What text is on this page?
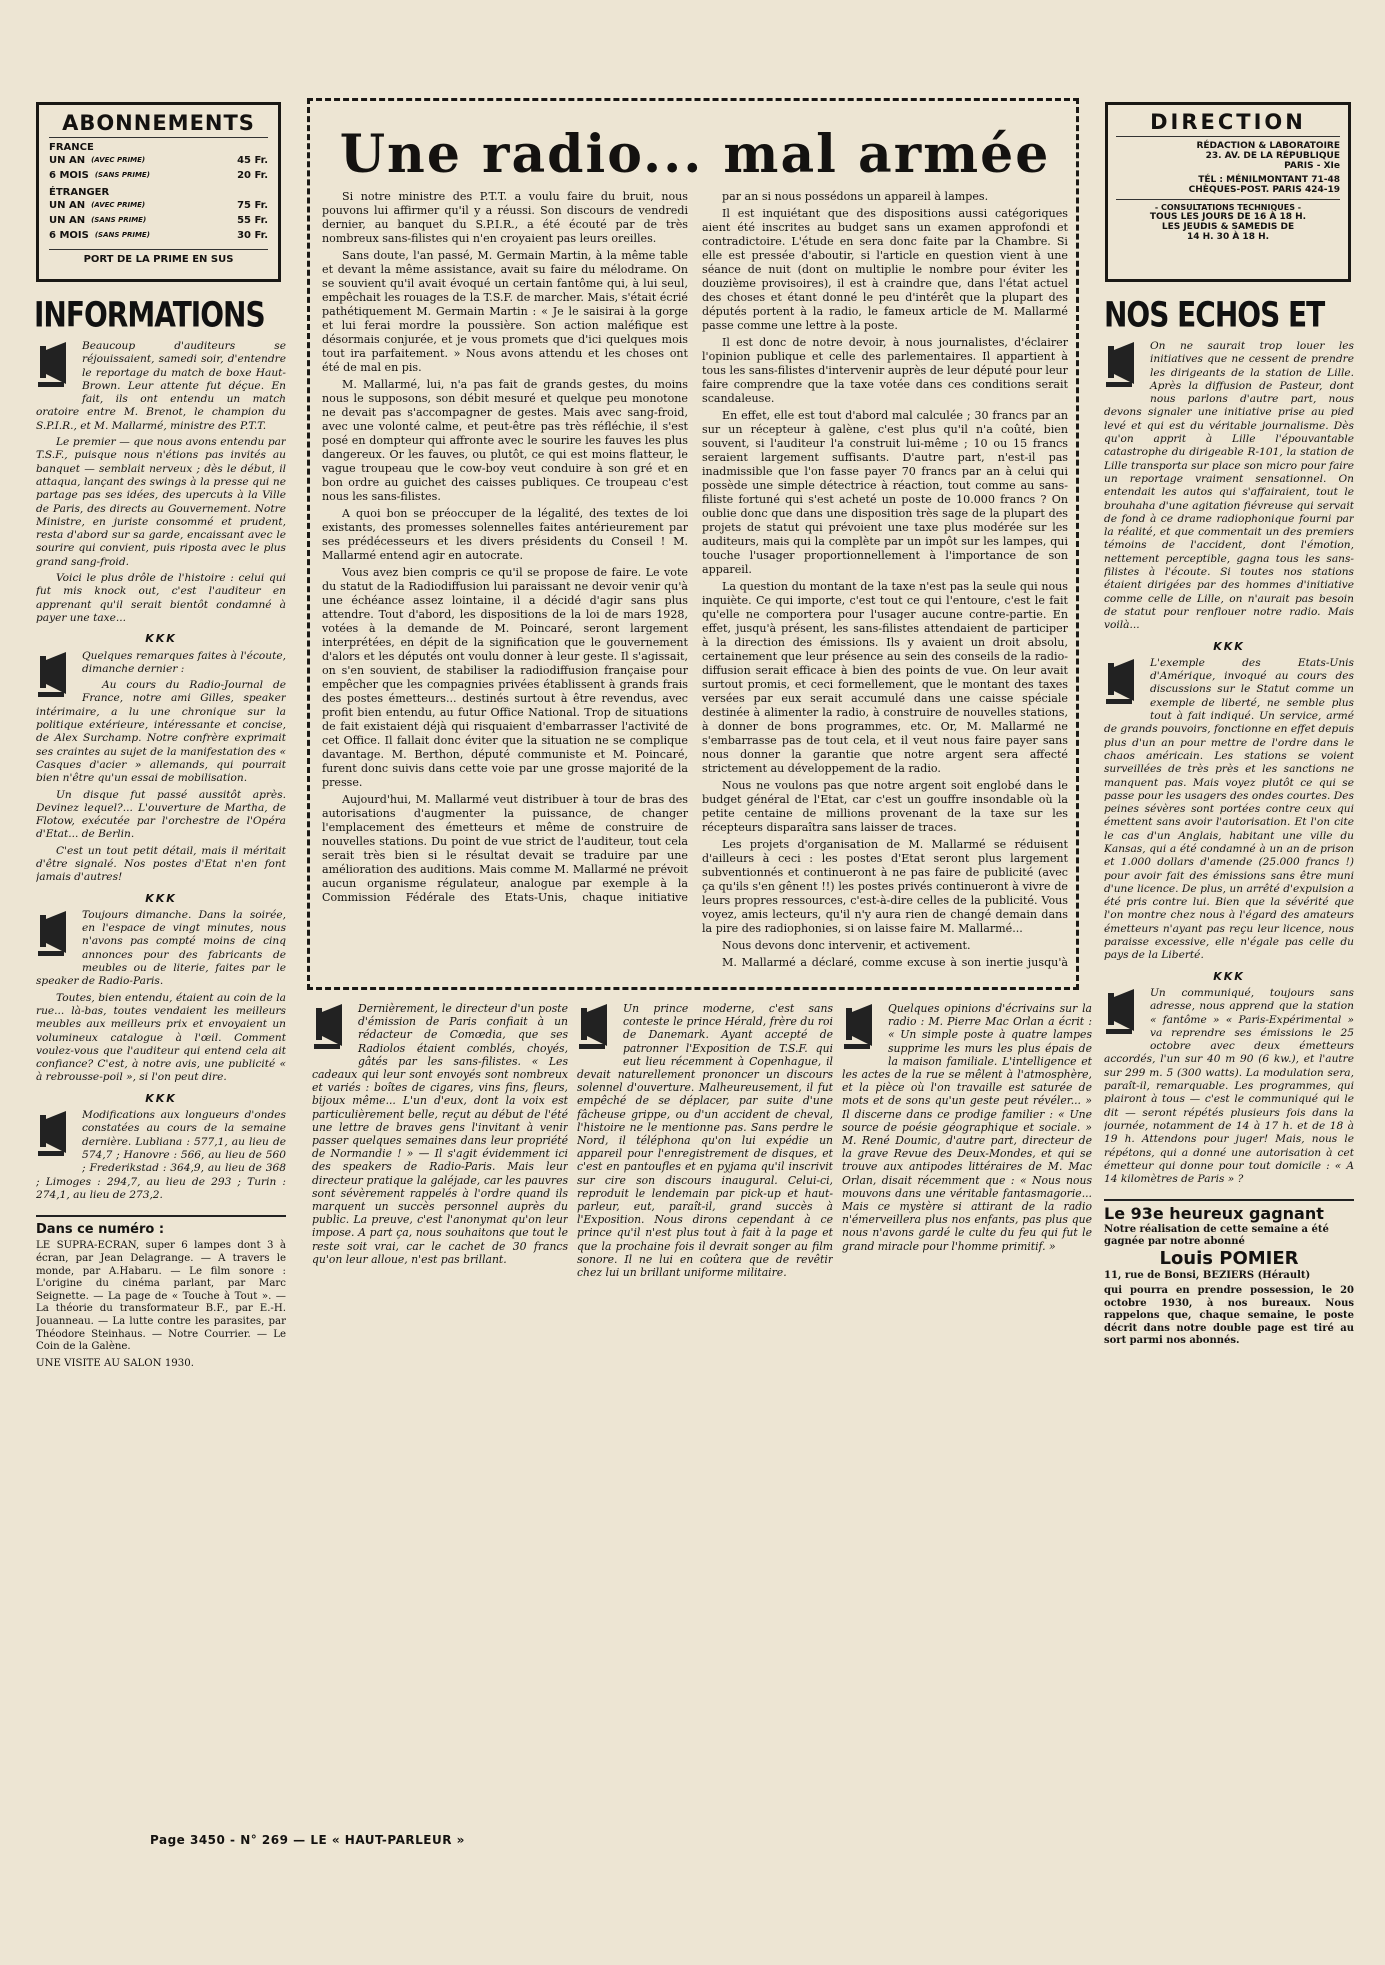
ABONNEMENTS
FRANCE
UN AN (AVEC PRIME)	45 Fr.
6 MOIS (SANS PRIME)	20 Fr.
ÉTRANGER
UN AN (AVEC PRIME)	75 Fr.
UN AN (SANS PRIME)	55 Fr.
6 MOIS (SANS PRIME)	30 Fr.
PORT DE LA PRIME EN SUS
DIRECTION
RÉDACTION & LABORATOIRE
23. AV. DE LA RÉPUBLIQUE
PARIS - XIe
TÉL : MÉNILMONTANT 71-48
CHÈQUES-POST. PARIS 424-19
- CONSULTATIONS TECHNIQUES -
TOUS LES JOURS DE 16 À 18 H.
LES JEUDIS & SAMEDIS DE
14 H. 30 À 18 H.
Une radio... mal armée

Si notre ministre des P.T.T. a voulu faire du bruit, nous pouvons lui affirmer qu'il y a réussi. Son discours de vendredi dernier, au banquet du S.P.I.R., a été écouté par de très nombreux sans-filistes qui n'en croyaient pas leurs oreilles.

Sans doute, l'an passé, M. Germain Martin, à la même table et devant la même assistance, avait su faire du mélodrame. On se souvient qu'il avait évoqué un certain fantôme qui, à lui seul, empêchait les rouages de la T.S.F. de marcher. Mais, s'était écrié pathétiquement M. Germain Martin : « Je le saisirai à la gorge et lui ferai mordre la poussière. Son action maléfique est désormais conjurée, et je vous promets que d'ici quelques mois tout ira parfaitement. » Nous avons attendu et les choses ont été de mal en pis.

M. Mallarmé, lui, n'a pas fait de grands gestes, du moins nous le supposons, son débit mesuré et quelque peu monotone ne devait pas s'accompagner de gestes. Mais avec sang-froid, avec une volonté calme, et peut-être pas très réfléchie, il s'est posé en dompteur qui affronte avec le sourire les fauves les plus dangereux. Or les fauves, ou plutôt, ce qui est moins flatteur, le vague troupeau que le cow-boy veut conduire à son gré et en bon ordre au guichet des caisses publiques. Ce troupeau c'est nous les sans-filistes.

A quoi bon se préoccuper de la légalité, des textes de loi existants, des promesses solennelles faites antérieurement par ses prédécesseurs et les divers présidents du Conseil ! M. Mallarmé entend agir en autocrate.

Vous avez bien compris ce qu'il se propose de faire. Le vote du statut de la Radiodiffusion lui paraissant ne devoir venir qu'à une échéance assez lointaine, il a décidé d'agir sans plus attendre. Tout d'abord, les dispositions de la loi de mars 1928, votées à la demande de M. Poincaré, seront largement interprétées, en dépit de la signification que le gouvernement d'alors et les députés ont voulu donner à leur geste. Il s'agissait, on s'en souvient, de stabiliser la radiodiffusion française pour empêcher que les compagnies privées établissent à grands frais des postes émetteurs... destinés surtout à être revendus, avec profit bien entendu, au futur Office National. Trop de situations de fait existaient déjà qui risquaient d'embarrasser l'activité de cet Office. Il fallait donc éviter que la situation ne se complique davantage. M. Berthon, député communiste et M. Poincaré, furent donc suivis dans cette voie par une grosse majorité de la presse.

Aujourd'hui, M. Mallarmé veut distribuer à tour de bras des autorisations d'augmenter la puissance, de changer l'emplacement des émetteurs et même de construire de nouvelles stations. Du point de vue strict de l'auditeur, tout cela serait très bien si le résultat devait se traduire par une amélioration des auditions. Mais comme M. Mallarmé ne prévoit aucun organisme régulateur, analogue par exemple à la Commission Fédérale des Etats-Unis, chaque initiative

par an si nous possédons un appareil à lampes.

Il est inquiétant que des dispositions aussi catégoriques aient été inscrites au budget sans un examen approfondi et contradictoire. L'étude en sera donc faite par la Chambre. Si elle est pressée d'aboutir, si l'article en question vient à une séance de nuit (dont on multiplie le nombre pour éviter les douzième provisoires), il est à craindre que, dans l'état actuel des choses et étant donné le peu d'intérêt que la plupart des députés portent à la radio, le fameux article de M. Mallarmé passe comme une lettre à la poste.

Il est donc de notre devoir, à nous journalistes, d'éclairer l'opinion publique et celle des parlementaires. Il appartient à tous les sans-filistes d'intervenir auprès de leur député pour leur faire comprendre que la taxe votée dans ces conditions serait scandaleuse.

En effet, elle est tout d'abord mal calculée ; 30 francs par an sur un récepteur à galène, c'est plus qu'il n'a coûté, bien souvent, si l'auditeur l'a construit lui-même ; 10 ou 15 francs seraient largement suffisants. D'autre part, n'est-il pas inadmissible que l'on fasse payer 70 francs par an à celui qui possède une simple détectrice à réaction, tout comme au sans-filiste fortuné qui s'est acheté un poste de 10.000 francs ? On oublie donc que dans une disposition très sage de la plupart des projets de statut qui prévoient une taxe plus modérée sur les auditeurs, mais qui la complète par un impôt sur les lampes, qui touche l'usager proportionnellement à l'importance de son appareil.

La question du montant de la taxe n'est pas la seule qui nous inquiète. Ce qui importe, c'est tout ce qui l'entoure, c'est le fait qu'elle ne comportera pour l'usager aucune contre-partie. En effet, jusqu'à présent, les sans-filistes attendaient de participer à la direction des émissions. Ils y avaient un droit absolu, certainement que leur présence au sein des conseils de la radio-diffusion serait efficace à bien des points de vue. On leur avait surtout promis, et ceci formellement, que le montant des taxes versées par eux serait accumulé dans une caisse spéciale destinée à alimenter la radio, à construire de nouvelles stations, à donner de bons programmes, etc. Or, M. Mallarmé ne s'embarrasse pas de tout cela, et il veut nous faire payer sans nous donner la garantie que notre argent sera affecté strictement au développement de la radio.

Nous ne voulons pas que notre argent soit englobé dans le budget général de l'Etat, car c'est un gouffre insondable où la petite centaine de millions provenant de la taxe sur les récepteurs disparaîtra sans laisser de traces.

Les projets d'organisation de M. Mallarmé se réduisent d'ailleurs à ceci : les postes d'Etat seront plus largement subventionnés et continueront à ne pas faire de publicité (avec ça qu'ils s'en gênent !!) les postes privés continueront à vivre de leurs propres ressources, c'est-à-dire celles de la publicité. Vous voyez, amis lecteurs, qu'il n'y aura rien de changé demain dans la pire des radiophonies, si on laisse faire M. Mallarmé...

Nous devons donc intervenir, et activement.

M. Mallarmé a déclaré, comme excuse à son inertie jusqu'à

INFORMATIONS

Beaucoup d'auditeurs se réjouissaient, samedi soir, d'entendre le reportage du match de boxe Haut-Brown. Leur attente fut déçue. En fait, ils ont entendu un match oratoire entre M. Brenot, le champion du S.P.I.R., et M. Mallarmé, ministre des P.T.T.

Le premier — que nous avons entendu par T.S.F., puisque nous n'étions pas invités au banquet — semblait nerveux ; dès le début, il attaqua, lançant des swings à la presse qui ne partage pas ses idées, des upercuts à la Ville de Paris, des directs au Gouvernement. Notre Ministre, en juriste consommé et prudent, resta d'abord sur sa garde, encaissant avec le sourire qui convient, puis riposta avec le plus grand sang-froid.

Voici le plus drôle de l'histoire : celui qui fut mis knock out, c'est l'auditeur en apprenant qu'il serait bientôt condamné à payer une taxe...

KKK

Quelques remarques faites à l'écoute, dimanche dernier :

Au cours du Radio-Journal de France, notre ami Gilles, speaker intérimaire, a lu une chronique sur la politique extérieure, intéressante et concise, de Alex Surchamp. Notre confrère exprimait ses craintes au sujet de la manifestation des « Casques d'acier » allemands, qui pourrait bien n'être qu'un essai de mobilisation.

Un disque fut passé aussitôt après. Devinez lequel?... L'ouverture de Martha, de Flotow, exécutée par l'orchestre de l'Opéra d'Etat... de Berlin.

C'est un tout petit détail, mais il méritait d'être signalé. Nos postes d'Etat n'en font jamais d'autres!

KKK

Toujours dimanche. Dans la soirée, en l'espace de vingt minutes, nous n'avons pas compté moins de cinq annonces pour des fabricants de meubles ou de literie, faites par le speaker de Radio-Paris.

Toutes, bien entendu, étaient au coin de la rue... là-bas, toutes vendaient les meilleurs meubles aux meilleurs prix et envoyaient un volumineux catalogue à l'œil. Comment voulez-vous que l'auditeur qui entend cela ait confiance? C'est, à notre avis, une publicité « à rebrousse-poil », si l'on peut dire.

KKK

Modifications aux longueurs d'ondes constatées au cours de la semaine dernière. Lubliana : 577,1, au lieu de 574,7 ; Hanovre : 566, au lieu de 560 ; Frederikstad : 364,9, au lieu de 368 ; Limoges : 294,7, au lieu de 293 ; Turin : 274,1, au lieu de 273,2.

Dans ce numéro :
LE SUPRA-ECRAN, super 6 lampes dont 3 à écran, par Jean Delagrange. — A travers le monde, par A.Habaru. — Le film sonore : L'origine du cinéma parlant, par Marc Seignette. — La page de « Touche à Tout ». — La théorie du transformateur B.F., par E.-H. Jouanneau. — La lutte contre les parasites, par Théodore Steinhaus. — Notre Courrier. — Le Coin de la Galène.
UNE VISITE AU SALON 1930.

Dernièrement, le directeur d'un poste d'émission de Paris confiait à un rédacteur de Comœdia, que ses Radiolos étaient comblés, choyés, gâtés par les sans-filistes. « Les cadeaux qui leur sont envoyés sont nombreux et variés : boîtes de cigares, vins fins, fleurs, bijoux même... L'un d'eux, dont la voix est particulièrement belle, reçut au début de l'été une lettre de braves gens l'invitant à venir passer quelques semaines dans leur propriété de Normandie ! » — Il s'agit évidemment ici des speakers de Radio-Paris. Mais leur directeur pratique la galéjade, car les pauvres sont sévèrement rappelés à l'ordre quand ils marquent un succès personnel auprès du public. La preuve, c'est l'anonymat qu'on leur impose. A part ça, nous souhaitons que tout le reste soit vrai, car le cachet de 30 francs qu'on leur alloue, n'est pas brillant.

Un prince moderne, c'est sans conteste le prince Hérald, frère du roi de Danemark. Ayant accepté de patronner l'Exposition de T.S.F. qui eut lieu récemment à Copenhague, il devait naturellement prononcer un discours solennel d'ouverture. Malheureusement, il fut empêché de se déplacer, par suite d'une fâcheuse grippe, ou d'un accident de cheval, l'histoire ne le mentionne pas. Sans perdre le Nord, il téléphona qu'on lui expédie un appareil pour l'enregistrement de disques, et c'est en pantoufles et en pyjama qu'il inscrivit sur cire son discours inaugural. Celui-ci, reproduit le lendemain par pick-up et haut-parleur, eut, paraît-il, grand succès à l'Exposition. Nous dirons cependant à ce prince qu'il n'est plus tout à fait à la page et que la prochaine fois il devrait songer au film sonore. Il ne lui en coûtera que de revêtir chez lui un brillant uniforme militaire.

Quelques opinions d'écrivains sur la radio : M. Pierre Mac Orlan a écrit : « Un simple poste à quatre lampes supprime les murs les plus épais de la maison familiale. L'intelligence et les actes de la rue se mêlent à l'atmosphère, et la pièce où l'on travaille est saturée de mots et de sons qu'un geste peut révéler... » Il discerne dans ce prodige familier : « Une source de poésie géographique et sociale. » M. René Doumic, d'autre part, directeur de la grave Revue des Deux-Mondes, et qui se trouve aux antipodes littéraires de M. Mac Orlan, disait récemment que : « Nous nous mouvons dans une véritable fantasmagorie... Mais ce mystère si attirant de la radio n'émerveillera plus nos enfants, pas plus que nous n'avons gardé le culte du feu qui fut le grand miracle pour l'homme primitif. »

NOS ECHOS ET

On ne saurait trop louer les initiatives que ne cessent de prendre les dirigeants de la station de Lille. Après la diffusion de Pasteur, dont nous parlons d'autre part, nous devons signaler une initiative prise au pied levé et qui est du véritable journalisme. Dès qu'on apprit à Lille l'épouvantable catastrophe du dirigeable R-101, la station de Lille transporta sur place son micro pour faire un reportage vraiment sensationnel. On entendait les autos qui s'affairaient, tout le brouhaha d'une agitation fiévreuse qui servait de fond à ce drame radiophonique fourni par la réalité, et que commentait un des premiers témoins de l'accident, dont l'émotion, nettement perceptible, gagna tous les sans-filistes à l'écoute. Si toutes nos stations étaient dirigées par des hommes d'initiative comme celle de Lille, on n'aurait pas besoin de statut pour renflouer notre radio. Mais voilà...

KKK

L'exemple des Etats-Unis d'Amérique, invoqué au cours des discussions sur le Statut comme un exemple de liberté, ne semble plus tout à fait indiqué. Un service, armé de grands pouvoirs, fonctionne en effet depuis plus d'un an pour mettre de l'ordre dans le chaos américain. Les stations se voient surveillées de très près et les sanctions ne manquent pas. Mais voyez plutôt ce qui se passe pour les usagers des ondes courtes. Des peines sévères sont portées contre ceux qui émettent sans avoir l'autorisation. Et l'on cite le cas d'un Anglais, habitant une ville du Kansas, qui a été condamné à un an de prison et 1.000 dollars d'amende (25.000 francs !) pour avoir fait des émissions sans être muni d'une licence. De plus, un arrêté d'expulsion a été pris contre lui. Bien que la sévérité que l'on montre chez nous à l'égard des amateurs émetteurs n'ayant pas reçu leur licence, nous paraisse excessive, elle n'égale pas celle du pays de la Liberté.

KKK

Un communiqué, toujours sans adresse, nous apprend que la station « fantôme » « Paris-Expérimental » va reprendre ses émissions le 25 octobre avec deux émetteurs accordés, l'un sur 40 m 90 (6 kw.), et l'autre sur 299 m. 5 (300 watts). La modulation sera, paraît-il, remarquable. Les programmes, qui plairont à tous — c'est le communiqué qui le dit — seront répétés plusieurs fois dans la journée, notamment de 14 à 17 h. et de 18 à 19 h. Attendons pour juger! Mais, nous le répétons, qui a donné une autorisation à cet émetteur qui donne pour tout domicile : « A 14 kilomètres de Paris » ?

Le 93e heureux gagnant
Notre réalisation de cette semaine a été gagnée par notre abonné
Louis POMIER
11, rue de Bonsi, BEZIERS (Hérault)
qui pourra en prendre possession, le 20 octobre 1930, à nos bureaux. Nous rappelons que, chaque semaine, le poste décrit dans notre double page est tiré au sort parmi nos abonnés.
Page 3450 - N° 269 — LE « HAUT-PARLEUR »
